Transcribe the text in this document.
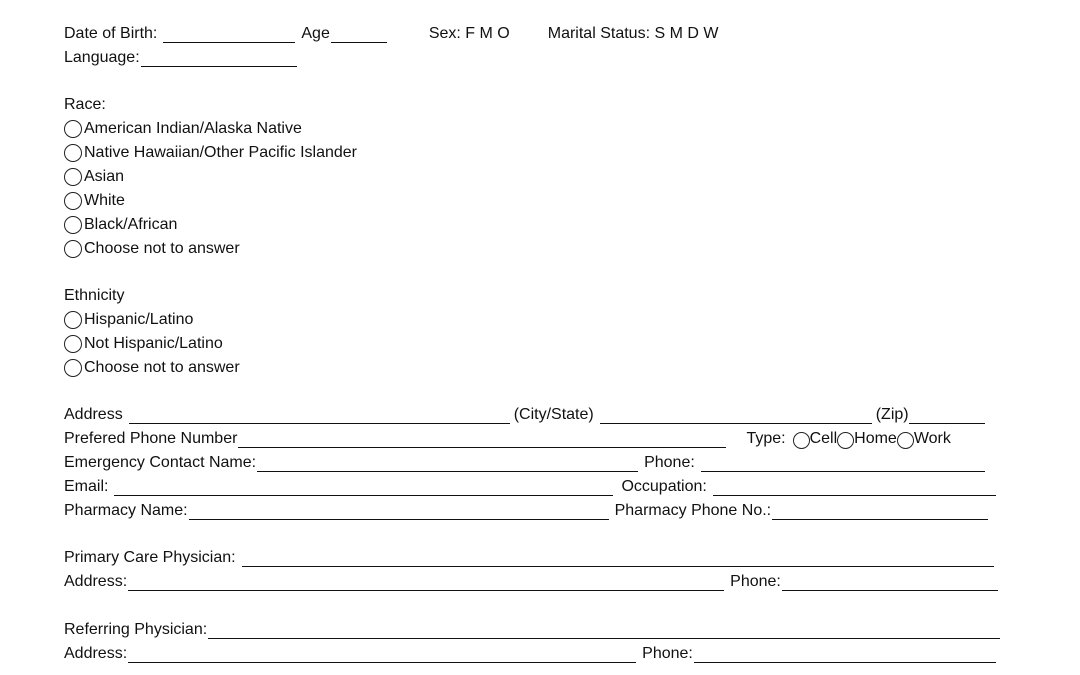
Date of Birth:	Age	Sex: F M O Marital Status: S M D W
Language:
Race:
American Indian/Alaska Native
Native Hawaiian/Other Pacific Islander
Asian
White
Black/African
Choose not to answer
Ethnicity
Hispanic/Latino
Not Hispanic/Latino
Choose not to answer
Address	(City/State)	(Zip)
Prefered Phone Number	Type: Cell Home Work
Emergency Contact Name:	Phone:
Email:	Occupation:
Pharmacy Name:	Pharmacy Phone No.:
Primary Care Physician:
Address:	Phone:
Referring Physician:
Address:	Phone:
